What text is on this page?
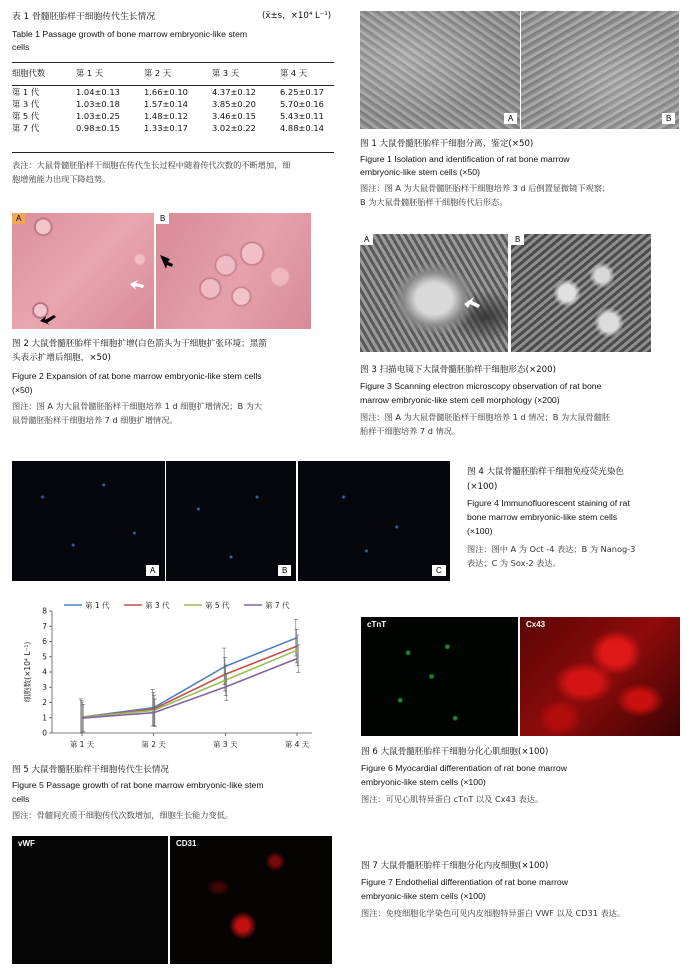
表 1 骨髓胚胎样干细胞传代生长情况	(x̄±s，×10⁴ L⁻¹)
Table 1 Passage growth of bone marrow embryonic-like stem
cells
细胞代数	第 1 天	第 2 天	第 3 天	第 4 天

第 1 代	1.04±0.13	1.66±0.10	4.37±0.12	6.25±0.17
第 3 代	1.03±0.18	1.57±0.14	3.85±0.20	5.70±0.16
第 5 代	1.03±0.25	1.48±0.12	3.46±0.15	5.43±0.11
第 7 代	0.98±0.15	1.33±0.17	3.02±0.22	4.88±0.14
表注：大鼠骨髓胚胎样干细胞在传代生长过程中随着传代次数的不断增加，细
胞增殖能力出现下降趋势。
A	B
图 1 大鼠骨髓胚胎样干细胞分离、鉴定(×50)
Figure 1 Isolation and identification of rat bone marrow
embryonic-like stem cells (×50)
图注：图 A 为大鼠骨髓胚胎样干细胞培养 3 d 后倒置显微镜下观察；
B 为大鼠骨髓胚胎样干细胞传代后形态。
A	B
图 2 大鼠骨髓胚胎样干细胞扩增(白色箭头为干细胞扩张环境；黑箭
头表示扩增后细胞，×50)
Figure 2 Expansion of rat bone marrow embryonic-like stem cells
(×50)
图注：图 A 为大鼠骨髓胚胎样干细胞培养 1 d 细胞扩增情况；B 为大
鼠骨髓胚胎样干细胞培养 7 d 细胞扩增情况。
A	B
图 3 扫描电镜下大鼠骨髓胚胎样干细胞形态(×200)
Figure 3 Scanning electron microscopy observation of rat bone
marrow embryonic-like stem cell morphology (×200)
图注：图 A 为大鼠骨髓胚胎样干细胞培养 1 d 情况；B 为大鼠骨髓胚
胎样干细胞培养 7 d 情况。
A	B	C
图 4 大鼠骨髓胚胎样干细胞免疫荧光染色
(×100)
Figure 4 Immunofluorescent staining of rat
bone marrow embryonic-like stem cells
(×100)
图注：图中 A 为 Oct -4 表达；B 为 Nanog-3
表达；C 为 Sox-2 表达。
0
1
2
3
4
5
6
7
8
第 1 天	第 2 天	第 3 天	第 4 天
细胞数(×10⁴ L⁻¹)
第 1 代	第 3 代	第 5 代	第 7 代
图 5 大鼠骨髓胚胎样干细胞传代生长情况
Figure 5 Passage growth of rat bone marrow embryonic-like stem
cells
图注：骨髓间充质干细胞传代次数增加，细胞生长能力变低。
cTnT	Cx43
图 6 大鼠骨髓胚胎样干细胞分化心肌细胞(×100)
Figure 6 Myocardial differentiation of rat bone marrow
embryonic-like stem cells (×100)
图注：可见心肌特异蛋白 cTnT 以及 Cx43 表达。
vWF	CD31
图 7 大鼠骨髓胚胎样干细胞分化内皮细胞(×100)
Figure 7 Endothelial differentiation of rat bone marrow
embryonic-like stem cells (×100)
图注：免疫细胞化学染色可见内皮细胞特异蛋白 VWF 以及 CD31 表达。
